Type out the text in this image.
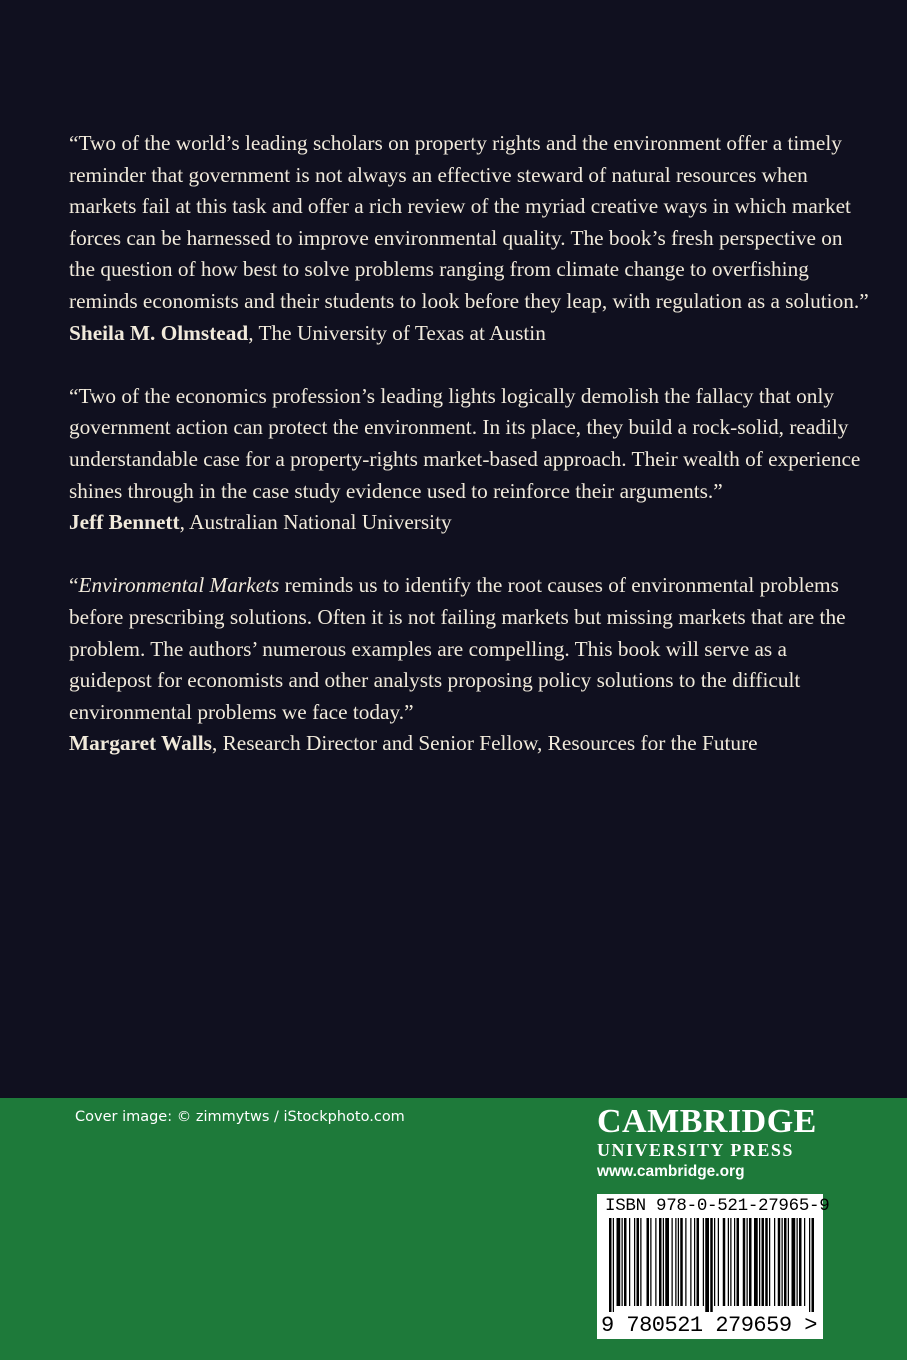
“Two of the world’s leading scholars on property rights and the environment offer a timely reminder that government is not always an effective steward of natural resources when markets fail at this task and offer a rich review of the myriad creative ways in which market forces can be harnessed to improve environmental quality. The book’s fresh perspective on the question of how best to solve problems ranging from climate change to overfishing reminds economists and their students to look before they leap, with regulation as a solution.”

Sheila M. Olmstead, The University of Texas at Austin

“Two of the economics profession’s leading lights logically demolish the fallacy that only government action can protect the environment. In its place, they build a rock-solid, readily understandable case for a property-rights market-based approach. Their wealth of experience shines through in the case study evidence used to reinforce their arguments.”

Jeff Bennett, Australian National University

“Environmental Markets reminds us to identify the root causes of environmental problems before prescribing solutions. Often it is not failing markets but missing markets that are the problem. The authors’ numerous examples are compelling. This book will serve as a guidepost for economists and other analysts proposing policy solutions to the difficult environmental problems we face today.”

Margaret Walls, Research Director and Senior Fellow, Resources for the Future

Cover image: © zimmytws / iStockphoto.com	CAMBRIDGE
UNIVERSITY PRESS
www.cambridge.org
ISBN 978-0-521-27965-9
9 780521 279659 >
